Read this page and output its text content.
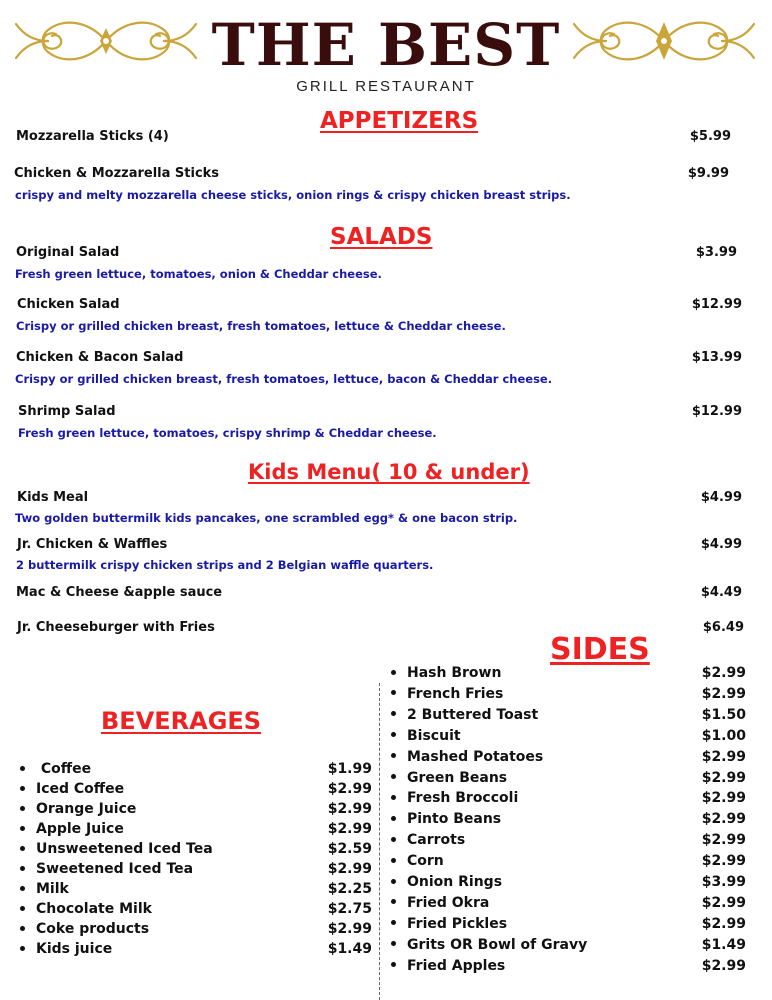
THE BEST
GRILL RESTAURANT
APPETIZERS
Mozzarella Sticks (4)	$5.99
Chicken & Mozzarella Sticks	$9.99
crispy and melty mozzarella cheese sticks, onion rings & crispy chicken breast strips.
SALADS
Original Salad	$3.99
Fresh green lettuce, tomatoes, onion & Cheddar cheese.
Chicken Salad	$12.99
Crispy or grilled chicken breast, fresh tomatoes, lettuce & Cheddar cheese.
Chicken & Bacon Salad	$13.99
Crispy or grilled chicken breast, fresh tomatoes, lettuce, bacon & Cheddar cheese.
Shrimp Salad	$12.99
Fresh green lettuce, tomatoes, crispy shrimp & Cheddar cheese.
Kids Menu( 10 & under)
Kids Meal	$4.99
Two golden buttermilk kids pancakes, one scrambled egg* & one bacon strip.
Jr. Chicken & Waffles	$4.99
2 buttermilk crispy chicken strips and 2 Belgian waffle quarters.
Mac & Cheese &apple sauce	$4.49
Jr. Cheeseburger with Fries	$6.49
SIDES
BEVERAGES
Coffee	$1.99
Iced Coffee	$2.99
Orange Juice	$2.99
Apple Juice	$2.99
Unsweetened Iced Tea	$2.59
Sweetened Iced Tea	$2.99
Milk	$2.25
Chocolate Milk	$2.75
Coke products	$2.99
Kids juice	$1.49
Hash Brown	$2.99
French Fries	$2.99
2 Buttered Toast	$1.50
Biscuit	$1.00
Mashed Potatoes	$2.99
Green Beans	$2.99
Fresh Broccoli	$2.99
Pinto Beans	$2.99
Carrots	$2.99
Corn	$2.99
Onion Rings	$3.99
Fried Okra	$2.99
Fried Pickles	$2.99
Grits OR Bowl of Gravy	$1.49
Fried Apples	$2.99
